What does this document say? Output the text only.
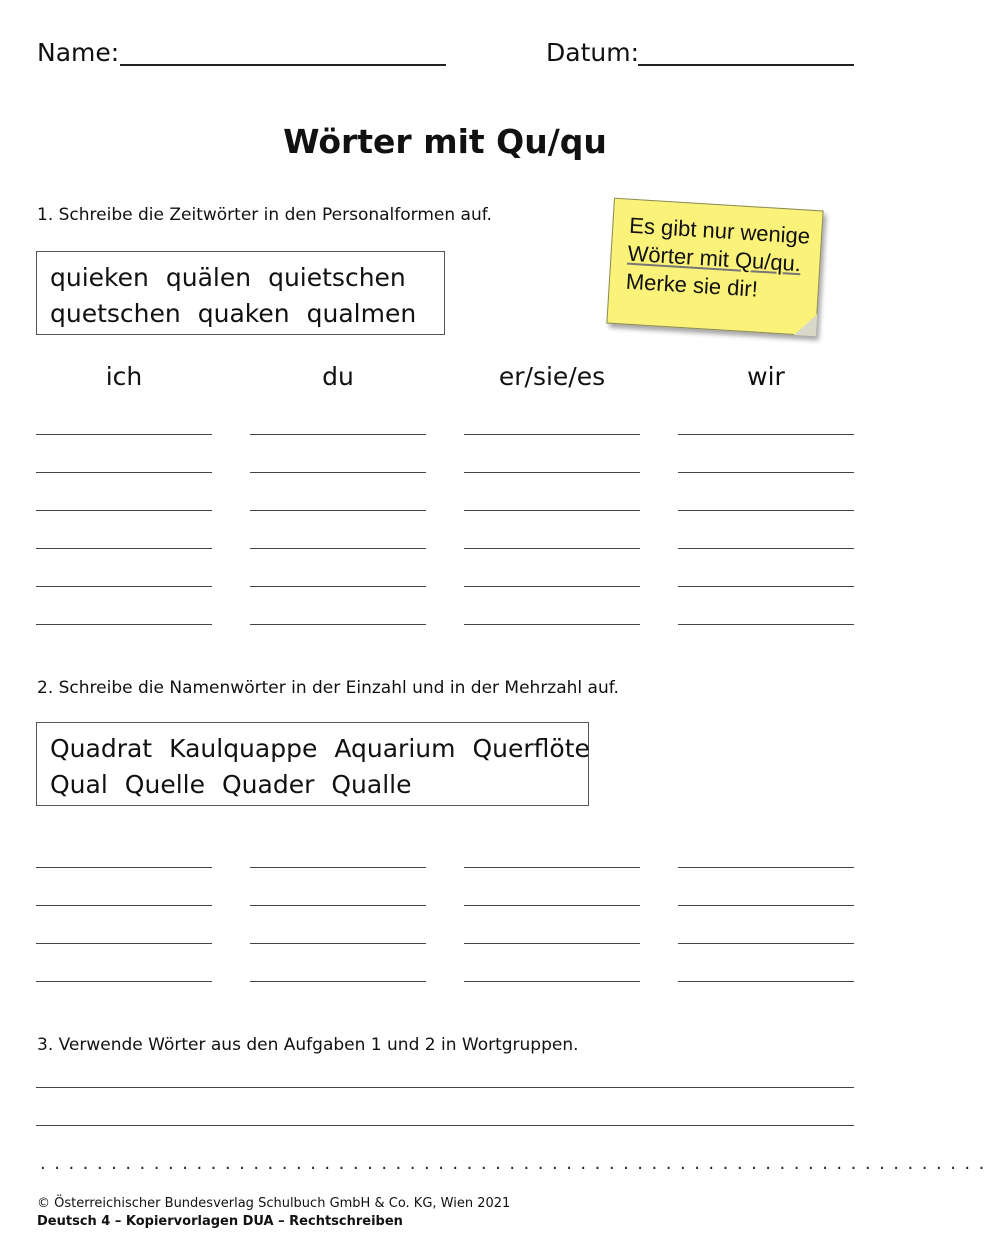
Name:	Datum:
Wörter mit Qu/qu
Es gibt nur wenige
Wörter mit Qu/qu.
Merke sie dir!
1. Schreibe die Zeitwörter in den Personalformen auf.
quieken quälen quietschen
quetschen quaken qualmen
ich	du	er/sie/es	wir
2. Schreibe die Namenwörter in der Einzahl und in der Mehrzahl auf.
Quadrat Kaulquappe Aquarium Querflöte
Qual Quelle Quader Qualle
3. Verwende Wörter aus den Aufgaben 1 und 2 in Wortgruppen.
···································································
© Österreichischer Bundesverlag Schulbuch GmbH & Co. KG, Wien 2021
Deutsch 4 – Kopiervorlagen DUA – Rechtschreiben
